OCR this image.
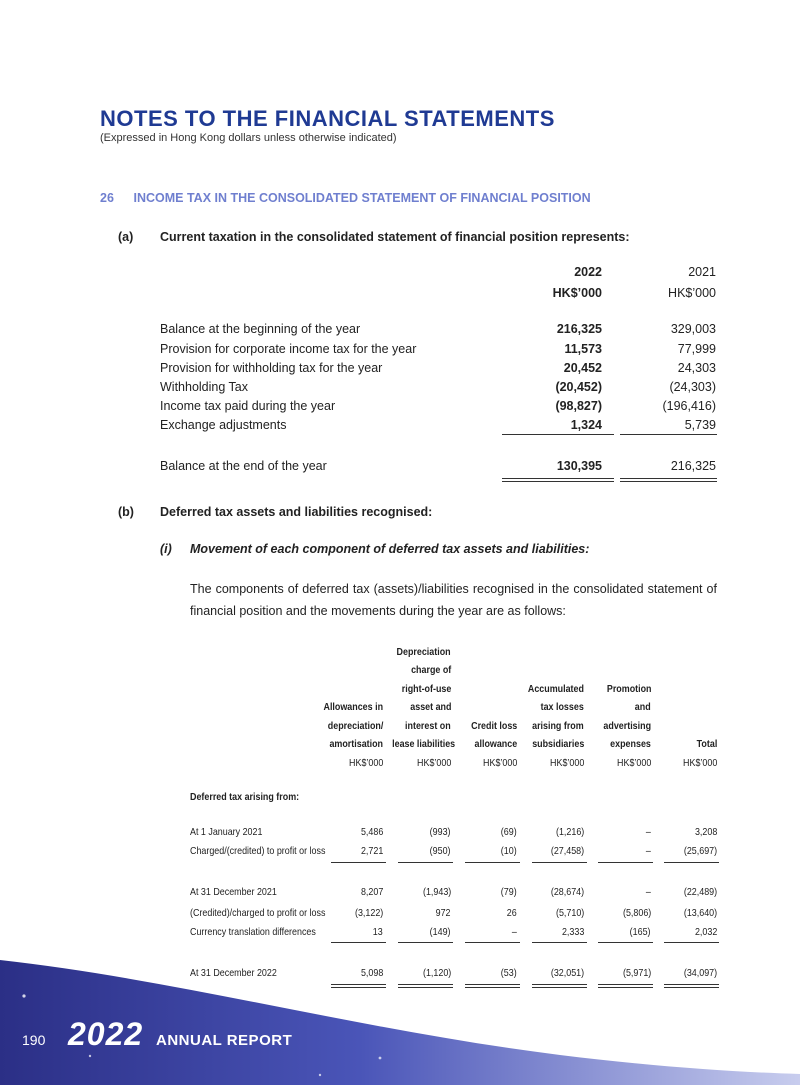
NOTES TO THE FINANCIAL STATEMENTS
(Expressed in Hong Kong dollars unless otherwise indicated)
26 INCOME TAX IN THE CONSOLIDATED STATEMENT OF FINANCIAL POSITION
(a) Current taxation in the consolidated statement of financial position represents:
2022	2021
HK$’000	HK$’000
Balance at the beginning of the year	216,325	329,003
Provision for corporate income tax for the year	11,573	77,999
Provision for withholding tax for the year	20,452	24,303
Withholding Tax	(20,452)	(24,303)
Income tax paid during the year	(98,827)	(196,416)
Exchange adjustments	1,324	5,739
Balance at the end of the year	130,395	216,325
(b) Deferred tax assets and liabilities recognised:
(i) Movement of each component of deferred tax assets and liabilities:
The components of deferred tax (assets)/liabilities recognised in the consolidated statement of financial position and the movements during the year are as follows:
Allowances in
depreciation/
amortisation
HK$’000
Depreciation
charge of
right-of-use
asset and
interest on
lease liabilities
HK$’000
Credit loss
allowance
HK$’000
Accumulated
tax losses
arising from
subsidiaries
HK$’000
Promotion
and
advertising
expenses
HK$’000
Total
HK$’000
Deferred tax arising from:
At 1 January 2021	5,486	(993)	(69)	(1,216)	–	3,208
Charged/(credited) to profit or loss	2,721	(950)	(10)	(27,458)	–	(25,697)
At 31 December 2021	8,207	(1,943)	(79)	(28,674)	–	(22,489)
(Credited)/charged to profit or loss	(3,122)	972	26	(5,710)	(5,806)	(13,640)
Currency translation differences	13	(149)	–	2,333	(165)	2,032
At 31 December 2022	5,098	(1,120)	(53)	(32,051)	(5,971)	(34,097)
190 2022 ANNUAL REPORT
